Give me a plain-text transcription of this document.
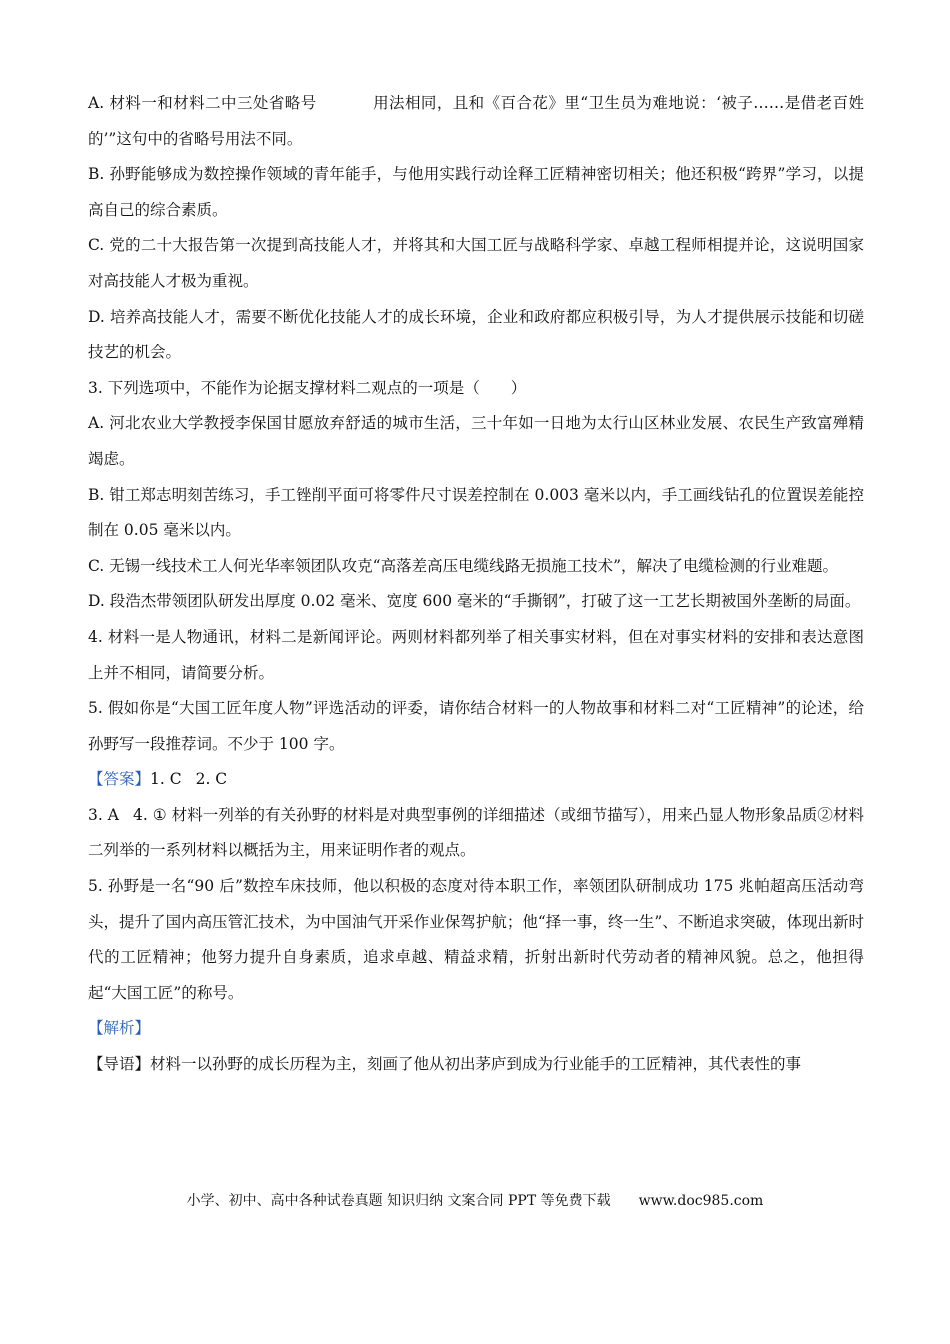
A. 材料一和材料二中三处省略号	用法相同，且和《百合花》里“卫生员为难地说：‘被子……是借老百姓的’”这句中的省略号用法不同。

B. 孙野能够成为数控操作领域的青年能手，与他用实践行动诠释工匠精神密切相关；他还积极“跨界”学习，以提高自己的综合素质。

C. 党的二十大报告第一次提到高技能人才，并将其和大国工匠与战略科学家、卓越工程师相提并论，这说明国家对高技能人才极为重视。

D. 培养高技能人才，需要不断优化技能人才的成长环境，企业和政府都应积极引导，为人才提供展示技能和切磋技艺的机会。

3. 下列选项中，不能作为论据支撑材料二观点的一项是（　　）

A. 河北农业大学教授李保国甘愿放弃舒适的城市生活，三十年如一日地为太行山区林业发展、农民生产致富殚精竭虑。

B. 钳工郑志明刻苦练习，手工锉削平面可将零件尺寸误差控制在 0.003 毫米以内，手工画线钻孔的位置误差能控制在 0.05 毫米以内。

C. 无锡一线技术工人何光华率领团队攻克“高落差高压电缆线路无损施工技术”，解决了电缆检测的行业难题。

D. 段浩杰带领团队研发出厚度 0.02 毫米、宽度 600 毫米的“手撕钢”，打破了这一工艺长期被国外垄断的局面。

4. 材料一是人物通讯，材料二是新闻评论。两则材料都列举了相关事实材料，但在对事实材料的安排和表达意图上并不相同，请简要分析。

5. 假如你是“大国工匠年度人物”评选活动的评委，请你结合材料一的人物故事和材料二对“工匠精神”的论述，给孙野写一段推荐词。不少于 100 字。

【答案】1. C 2. C

3. A 4. ① 材料一列举的有关孙野的材料是对典型事例的详细描述（或细节描写），用来凸显人物形象品质②材料二列举的一系列材料以概括为主，用来证明作者的观点。

5. 孙野是一名“90 后”数控车床技师，他以积极的态度对待本职工作，率领团队研制成功 175 兆帕超高压活动弯头，提升了国内高压管汇技术，为中国油气开采作业保驾护航；他“择一事，终一生”、不断追求突破，体现出新时代的工匠精神；他努力提升自身素质，追求卓越、精益求精，折射出新时代劳动者的精神风貌。总之，他担得起“大国工匠”的称号。

【解析】

【导语】材料一以孙野的成长历程为主，刻画了他从初出茅庐到成为行业能手的工匠精神，其代表性的事

小学、初中、高中各种试卷真题 知识归纳 文案合同 PPT 等免费下载 www.doc985.com
